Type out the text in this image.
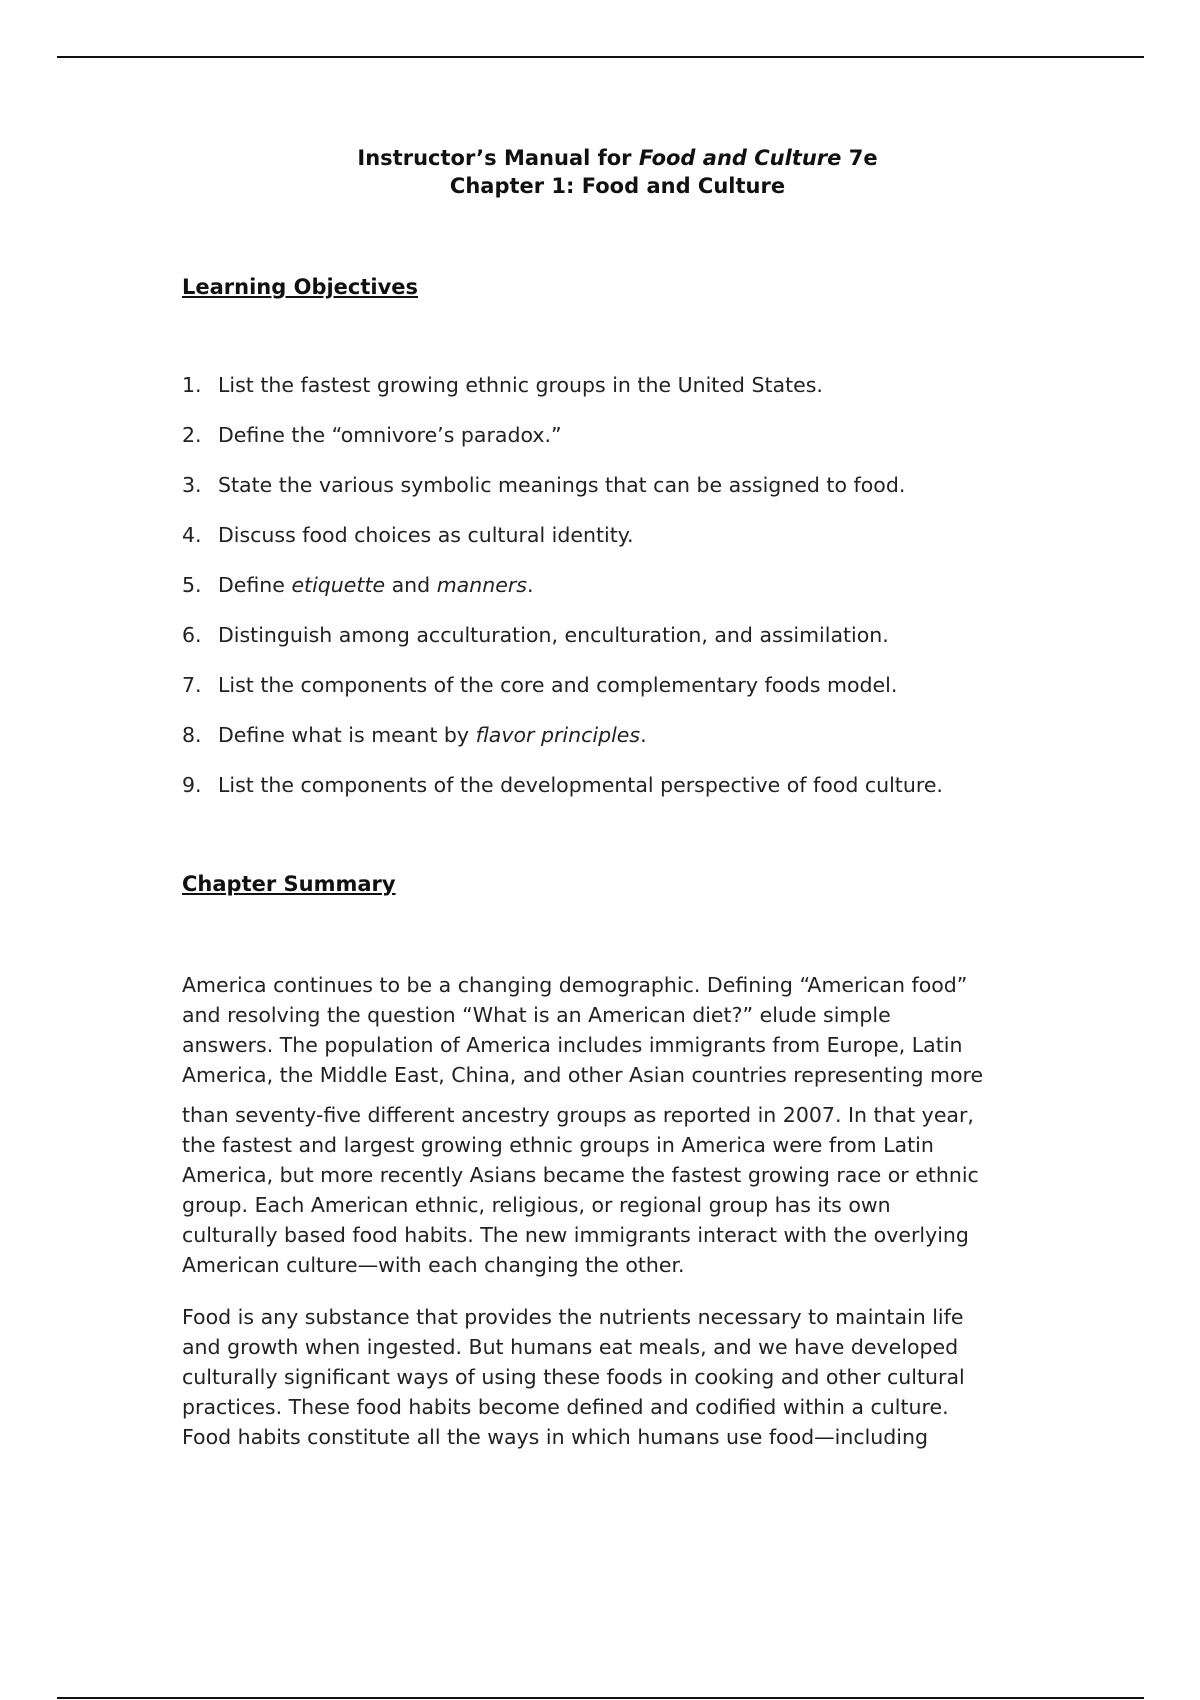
Instructor’s Manual for Food and Culture 7e
Chapter 1: Food and Culture
Learning Objectives
1. List the fastest growing ethnic groups in the United States.
2. Define the “omnivore’s paradox.”
3. State the various symbolic meanings that can be assigned to food.
4. Discuss food choices as cultural identity.
5. Define etiquette and manners.
6. Distinguish among acculturation, enculturation, and assimilation.
7. List the components of the core and complementary foods model.
8. Define what is meant by flavor principles.
9. List the components of the developmental perspective of food culture.
Chapter Summary
America continues to be a changing demographic. Defining “American food”
and resolving the question “What is an American diet?” elude simple
answers. The population of America includes immigrants from Europe, Latin
America, the Middle East, China, and other Asian countries representing more
than seventy-five different ancestry groups as reported in 2007. In that year,
the fastest and largest growing ethnic groups in America were from Latin
America, but more recently Asians became the fastest growing race or ethnic
group. Each American ethnic, religious, or regional group has its own
culturally based food habits. The new immigrants interact with the overlying
American culture—with each changing the other.
Food is any substance that provides the nutrients necessary to maintain life
and growth when ingested. But humans eat meals, and we have developed
culturally significant ways of using these foods in cooking and other cultural
practices. These food habits become defined and codified within a culture.
Food habits constitute all the ways in which humans use food—including
